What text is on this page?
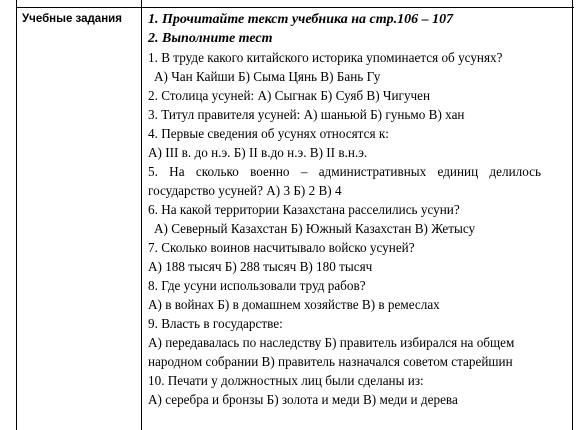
Учебные задания 1. Прочитайте текст учебника на стр.106 – 107
2. Выполните тест
1. В труде какого китайского историка упоминается об усунях?
А) Чан Кайши Б) Сыма Цянь В) Бань Гу
2. Столица усуней: А) Сыгнак Б) Суяб В) Чигучен
3. Титул правителя усуней: А) шаньюй Б) гуньмо В) хан
4. Первые сведения об усунях относятся к:
А) III в. до н.э. Б) II в.до н.э. В) II в.н.э.
5. На сколько военно – административных единиц делилось
государство усуней? А) 3 Б) 2 В) 4
6. На какой территории Казахстана расселились усуни?
А) Северный Казахстан Б) Южный Казахстан В) Жетысу
7. Сколько воинов насчитывало войско усуней?
А) 188 тысяч Б) 288 тысяч В) 180 тысяч
8. Где усуни использовали труд рабов?
А) в войнах Б) в домашнем хозяйстве В) в ремеслах
9. Власть в государстве:
А) передавалась по наследству Б) правитель избирался на общем
народном собрании В) правитель назначался советом старейшин
10. Печати у должностных лиц были сделаны из:
А) серебра и бронзы Б) золота и меди В) меди и дерева
